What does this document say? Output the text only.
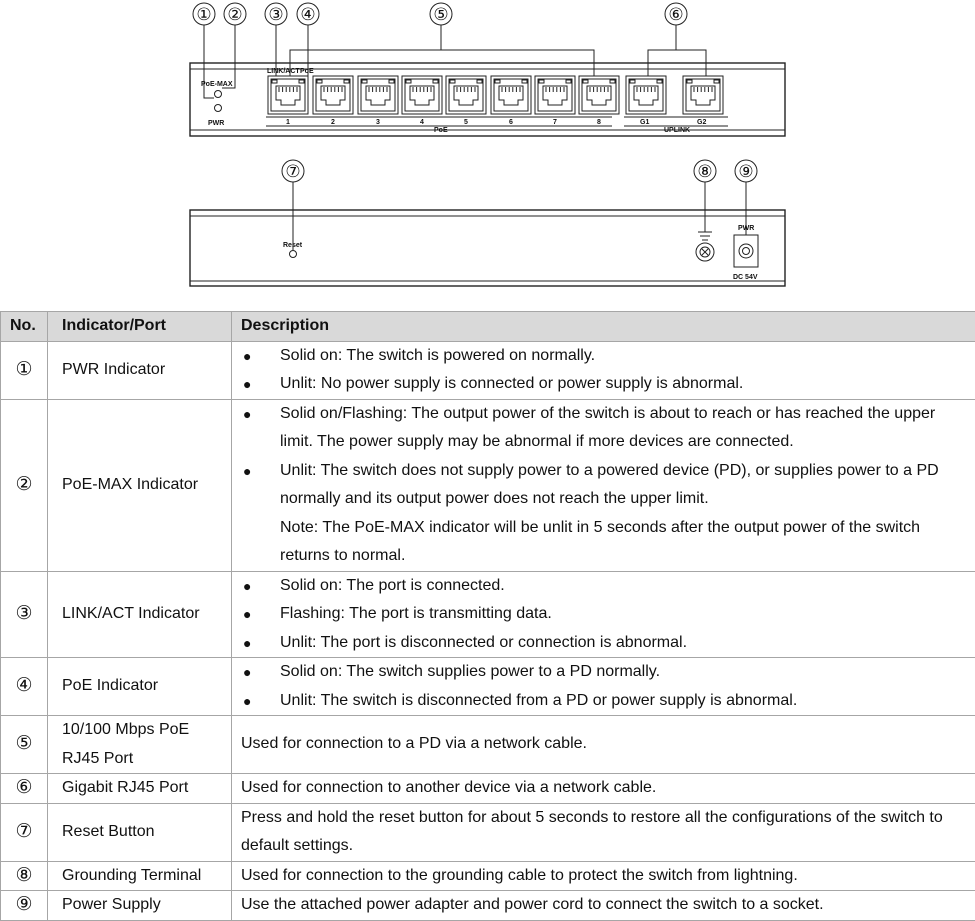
① ② ③ ④	⑤	⑥
⑦	⑧ ⑨
PoE-MAX
PWR
LINK/ACT PoE
PoE	UPLINK
1	2	3	4	5	6	7	8	G1	G2
Reset
PWR
DC 54V
No.	Indicator/Port	Description
①	PWR Indicator	● Solid on: The switch is powered on normally.
● Unlit: No power supply is connected or power supply is abnormal.

②	PoE-MAX Indicator	● Solid on/Flashing: The output power of the switch is about to reach or has reached the upper limit. The power supply may be abnormal if more devices are connected.
● Unlit: The switch does not supply power to a powered device (PD), or supplies power to a PD normally and its output power does not reach the upper limit.
Note: The PoE-MAX indicator will be unlit in 5 seconds after the output power of the switch returns to normal.

③	LINK/ACT Indicator	● Solid on: The port is connected.
● Flashing: The port is transmitting data.
● Unlit: The port is disconnected or connection is abnormal.

④	PoE Indicator	● Solid on: The switch supplies power to a PD normally.
● Unlit: The switch is disconnected from a PD or power supply is abnormal.

⑤	10/100 Mbps PoE RJ45 Port	Used for connection to a PD via a network cable.
⑥	Gigabit RJ45 Port	Used for connection to another device via a network cable.
⑦	Reset Button	Press and hold the reset button for about 5 seconds to restore all the configurations of the switch to default settings.
⑧	Grounding Terminal	Used for connection to the grounding cable to protect the switch from lightning.
⑨	Power Supply	Use the attached power adapter and power cord to connect the switch to a socket.
